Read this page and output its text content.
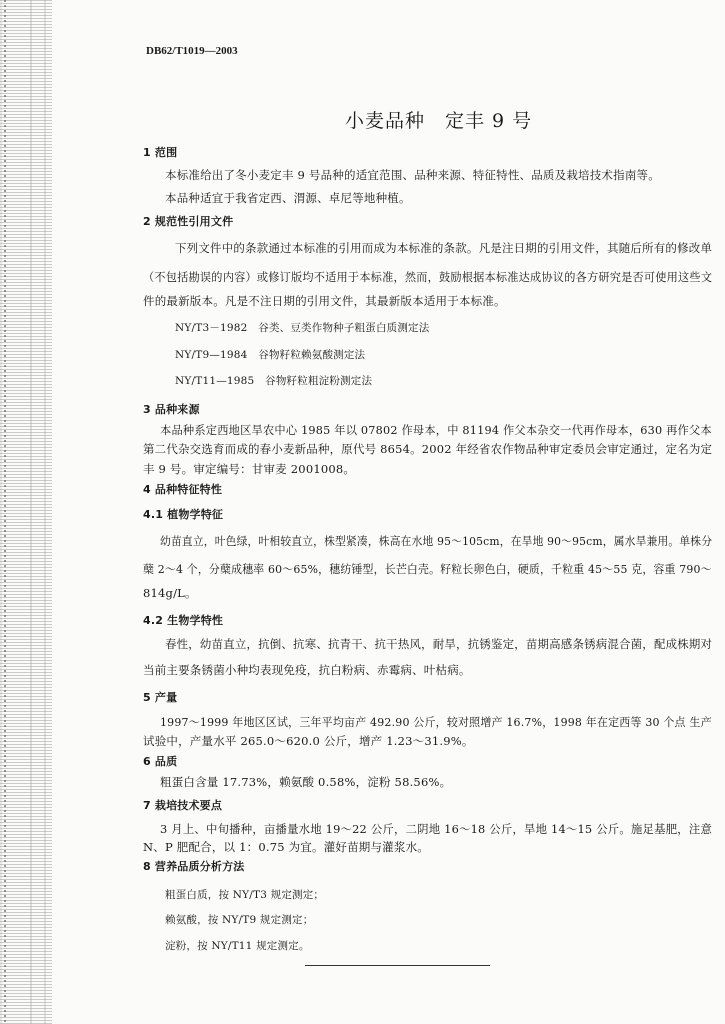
DB62/T1019—2003
小麦品种　定丰 9 号
1 范围
本标准给出了冬小麦定丰 9 号品种的适宜范围、品种来源、特征特性、品质及栽培技术指南等。
本品种适宜于我省定西、渭源、卓尼等地种植。
2 规范性引用文件
下列文件中的条款通过本标准的引用而成为本标准的条款。凡是注日期的引用文件，其随后所有的修改单
（不包括勘误的内容）或修订版均不适用于本标准，然而，鼓励根据本标准达成协议的各方研究是否可使用这些文
件的最新版本。凡是不注日期的引用文件，其最新版本适用于本标准。
NY/T3－1982　谷类、豆类作物种子粗蛋白质测定法
NY/T9—1984　谷物籽粒赖氨酸测定法
NY/T11—1985　谷物籽粒粗淀粉测定法
3 品种来源
本品种系定西地区旱农中心 1985 年以 07802 作母本，中 81194 作父本杂交一代再作母本，630 再作父本
第二代杂交选育而成的春小麦新品种，原代号 8654。2002 年经省农作物品种审定委员会审定通过，定名为定
丰 9 号。审定编号：甘审麦 2001008。
4 品种特征特性
4.1 植物学特征
幼苗直立，叶色绿，叶相较直立，株型紧凑，株高在水地 95～105cm，在旱地 90～95cm，属水旱兼用。单株分
蘖 2～4 个，分蘖成穗率 60～65%，穗纺锤型，长芒白壳。籽粒长卵色白，硬质，千粒重 45～55 克，容重 790～
814g/L。
4.2 生物学特性
春性，幼苗直立，抗倒、抗寒、抗青干、抗干热风，耐旱，抗锈鉴定，苗期高感条锈病混合菌，配成株期对
当前主要条锈菌小种均表现免疫，抗白粉病、赤霉病、叶枯病。
5 产量
1997～1999 年地区区试，三年平均亩产 492.90 公斤，较对照增产 16.7%，1998 年在定西等 30 个点 生产
试验中，产量水平 265.0～620.0 公斤，增产 1.23～31.9%。
6 品质
粗蛋白含量 17.73%，赖氨酸 0.58%，淀粉 58.56%。
7 栽培技术要点
3 月上、中旬播种，亩播量水地 19～22 公斤，二阴地 16～18 公斤，旱地 14～15 公斤。施足基肥，注意
N、P 肥配合，以 1：0.75 为宜。灌好苗期与灌浆水。
8 营养品质分析方法
粗蛋白质，按 NY/T3 规定测定；
赖氨酸，按 NY/T9 规定测定；
淀粉，按 NY/T11 规定测定。
